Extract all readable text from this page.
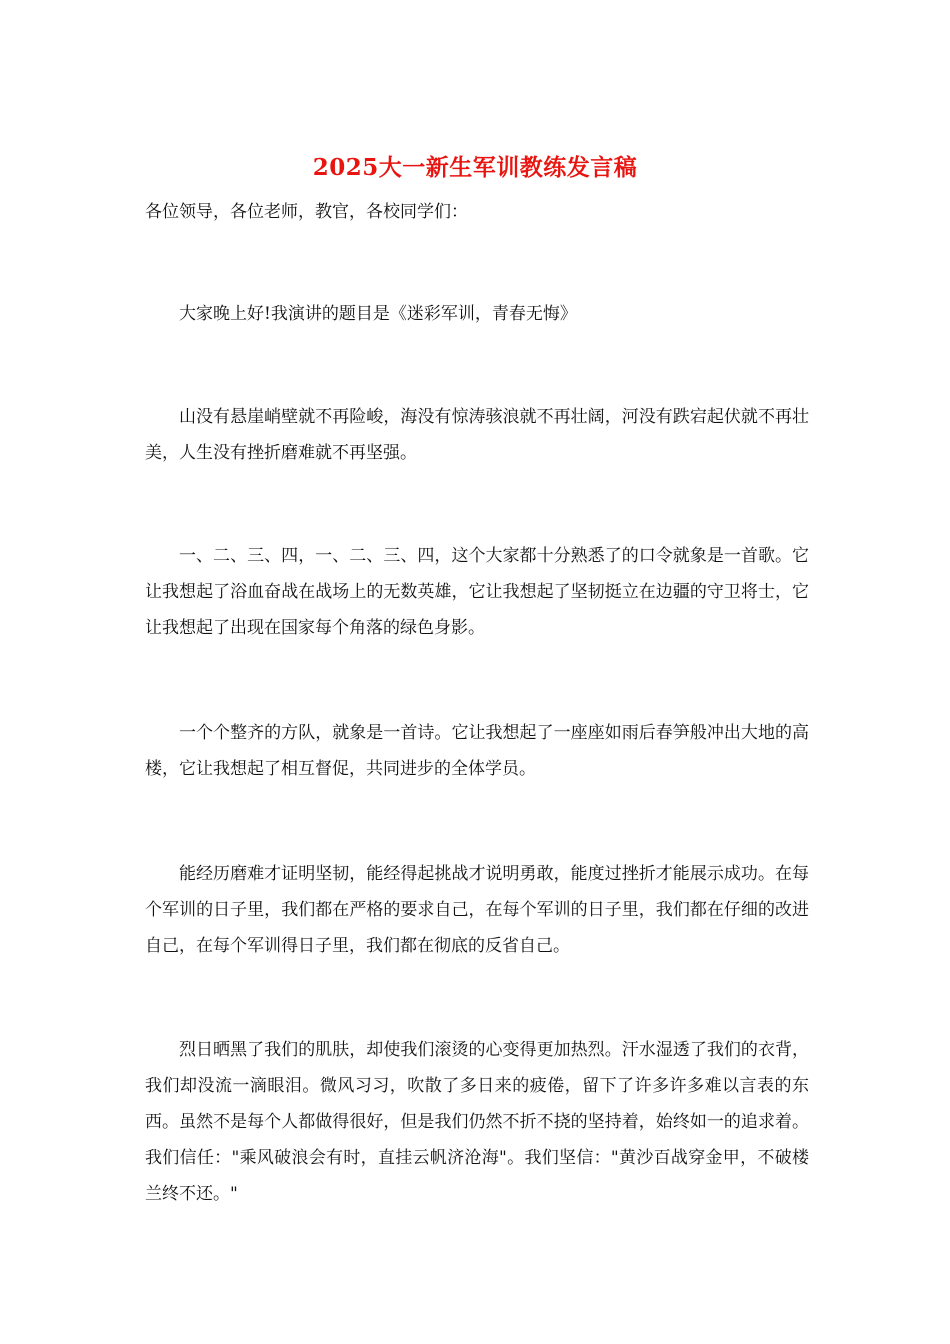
2025大一新生军训教练发言稿
各位领导，各位老师，教官，各校同学们：

大家晚上好!我演讲的题目是《迷彩军训，青春无悔》

山没有悬崖峭壁就不再险峻，海没有惊涛骇浪就不再壮阔，河没有跌宕起伏就不再壮美，人生没有挫折磨难就不再坚强。

一、二、三、四，一、二、三、四，这个大家都十分熟悉了的口令就象是一首歌。它让我想起了浴血奋战在战场上的无数英雄，它让我想起了坚韧挺立在边疆的守卫将士，它让我想起了出现在国家每个角落的绿色身影。

一个个整齐的方队，就象是一首诗。它让我想起了一座座如雨后春笋般冲出大地的高楼，它让我想起了相互督促，共同进步的全体学员。

能经历磨难才证明坚韧，能经得起挑战才说明勇敢，能度过挫折才能展示成功。在每个军训的日子里，我们都在严格的要求自己，在每个军训的日子里，我们都在仔细的改进自己，在每个军训得日子里，我们都在彻底的反省自己。

烈日晒黑了我们的肌肤，却使我们滚烫的心变得更加热烈。汗水湿透了我们的衣背，我们却没流一滴眼泪。微风习习，吹散了多日来的疲倦，留下了许多许多难以言表的东西。虽然不是每个人都做得很好，但是我们仍然不折不挠的坚持着，始终如一的追求着。我们信任："乘风破浪会有时，直挂云帆济沧海"。我们坚信："黄沙百战穿金甲，不破楼兰终不还。"
